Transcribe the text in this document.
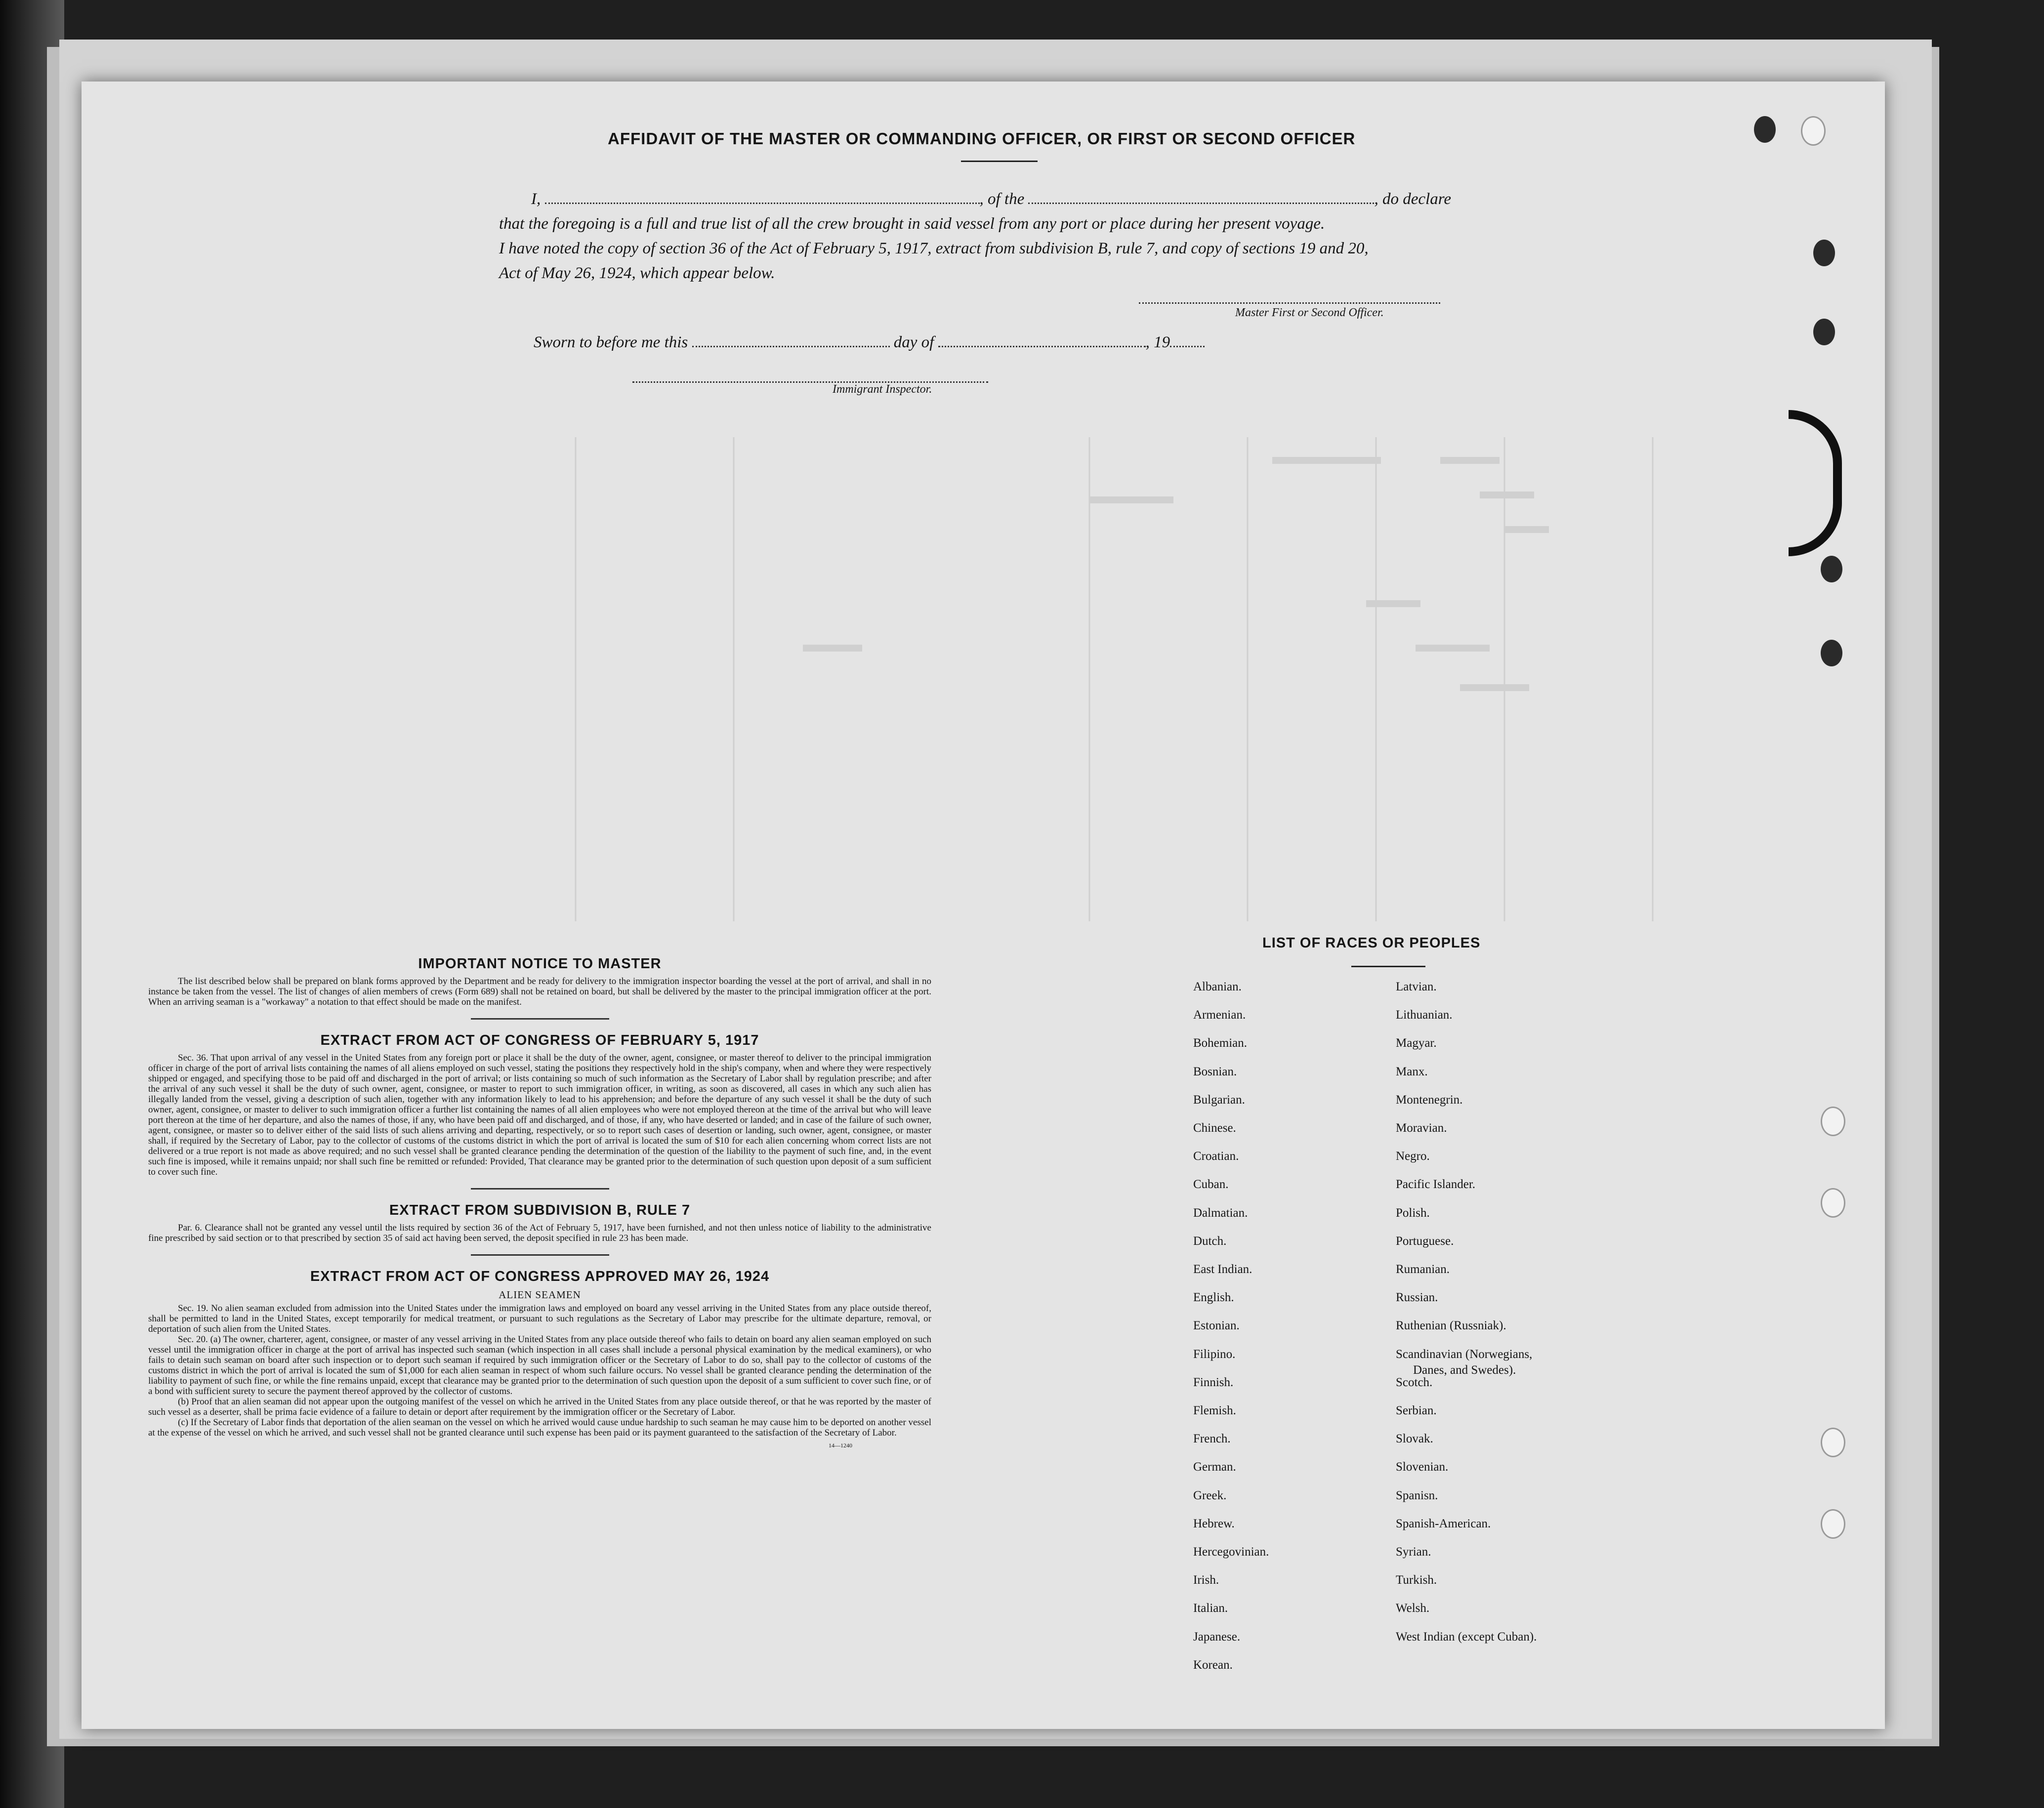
AFFIDAVIT OF THE MASTER OR COMMANDING OFFICER, OR FIRST OR SECOND OFFICER
I,	, of the	, do declare
that the foregoing is a full and true list of all the crew brought in said vessel from any port or place during her present voyage.
I have noted the copy of section 36 of the Act of February 5, 1917, extract from subdivision B, rule 7, and copy of sections 19 and 20,
Act of May 26, 1924, which appear below.
Master First or Second Officer.
Sworn to before me this	day of	, 19
Immigrant Inspector.
IMPORTANT NOTICE TO MASTER

The list described below shall be prepared on blank forms approved by the Department and be ready for delivery to the immigration inspector boarding the vessel at the port of arrival, and shall in no instance be taken from the vessel. The list of changes of alien members of crews (Form 689) shall not be retained on board, but shall be delivered by the master to the principal immigration officer at the port. When an arriving seaman is a "workaway" a notation to that effect should be made on the manifest.

EXTRACT FROM ACT OF CONGRESS OF FEBRUARY 5, 1917

Sec. 36. That upon arrival of any vessel in the United States from any foreign port or place it shall be the duty of the owner, agent, consignee, or master thereof to deliver to the principal immigration officer in charge of the port of arrival lists containing the names of all aliens employed on such vessel, stating the positions they respectively hold in the ship's company, when and where they were respectively shipped or engaged, and specifying those to be paid off and discharged in the port of arrival; or lists containing so much of such information as the Secretary of Labor shall by regulation prescribe; and after the arrival of any such vessel it shall be the duty of such owner, agent, consignee, or master to report to such immigration officer, in writing, as soon as discovered, all cases in which any such alien has illegally landed from the vessel, giving a description of such alien, together with any information likely to lead to his apprehension; and before the departure of any such vessel it shall be the duty of such owner, agent, consignee, or master to deliver to such immigration officer a further list containing the names of all alien employees who were not employed thereon at the time of the arrival but who will leave port thereon at the time of her departure, and also the names of those, if any, who have been paid off and discharged, and of those, if any, who have deserted or landed; and in case of the failure of such owner, agent, consignee, or master so to deliver either of the said lists of such aliens arriving and departing, respectively, or so to report such cases of desertion or landing, such owner, agent, consignee, or master shall, if required by the Secretary of Labor, pay to the collector of customs of the customs district in which the port of arrival is located the sum of $10 for each alien concerning whom correct lists are not delivered or a true report is not made as above required; and no such vessel shall be granted clearance pending the determination of the question of the liability to the payment of such fine, and, in the event such fine is imposed, while it remains unpaid; nor shall such fine be remitted or refunded: Provided, That clearance may be granted prior to the determination of such question upon deposit of a sum sufficient to cover such fine.

EXTRACT FROM SUBDIVISION B, RULE 7

Par. 6. Clearance shall not be granted any vessel until the lists required by section 36 of the Act of February 5, 1917, have been furnished, and not then unless notice of liability to the administrative fine prescribed by said section or to that prescribed by section 35 of said act having been served, the deposit specified in rule 23 has been made.

EXTRACT FROM ACT OF CONGRESS APPROVED MAY 26, 1924
ALIEN SEAMEN

Sec. 19. No alien seaman excluded from admission into the United States under the immigration laws and employed on board any vessel arriving in the United States from any place outside thereof, shall be permitted to land in the United States, except temporarily for medical treatment, or pursuant to such regulations as the Secretary of Labor may prescribe for the ultimate departure, removal, or deportation of such alien from the United States.

Sec. 20. (a) The owner, charterer, agent, consignee, or master of any vessel arriving in the United States from any place outside thereof who fails to detain on board any alien seaman employed on such vessel until the immigration officer in charge at the port of arrival has inspected such seaman (which inspection in all cases shall include a personal physical examination by the medical examiners), or who fails to detain such seaman on board after such inspection or to deport such seaman if required by such immigration officer or the Secretary of Labor to do so, shall pay to the collector of customs of the customs district in which the port of arrival is located the sum of $1,000 for each alien seaman in respect of whom such failure occurs. No vessel shall be granted clearance pending the determination of the liability to payment of such fine, or while the fine remains unpaid, except that clearance may be granted prior to the determination of such question upon the deposit of a sum sufficient to cover such fine, or of a bond with sufficient surety to secure the payment thereof approved by the collector of customs.

(b) Proof that an alien seaman did not appear upon the outgoing manifest of the vessel on which he arrived in the United States from any place outside thereof, or that he was reported by the master of such vessel as a deserter, shall be prima facie evidence of a failure to detain or deport after requirement by the immigration officer or the Secretary of Labor.

(c) If the Secretary of Labor finds that deportation of the alien seaman on the vessel on which he arrived would cause undue hardship to such seaman he may cause him to be deported on another vessel at the expense of the vessel on which he arrived, and such vessel shall not be granted clearance until such expense has been paid or its payment guaranteed to the satisfaction of the Secretary of Labor.

14—1240
LIST OF RACES OR PEOPLES
Albanian.
Armenian.
Bohemian.
Bosnian.
Bulgarian.
Chinese.
Croatian.
Cuban.
Dalmatian.
Dutch.
East Indian.
English.
Estonian.
Filipino.
Finnish.
Flemish.
French.
German.
Greek.
Hebrew.
Hercegovinian.
Irish.
Italian.
Japanese.
Korean.
Latvian.
Lithuanian.
Magyar.
Manx.
Montenegrin.
Moravian.
Negro.
Pacific Islander.
Polish.
Portuguese.
Rumanian.
Russian.
Ruthenian (Russniak).
Scandinavian (Norwegians,
Danes, and Swedes).
Scotch.
Serbian.
Slovak.
Slovenian.
Spanisn.
Spanish-American.
Syrian.
Turkish.
Welsh.
West Indian (except Cuban).
